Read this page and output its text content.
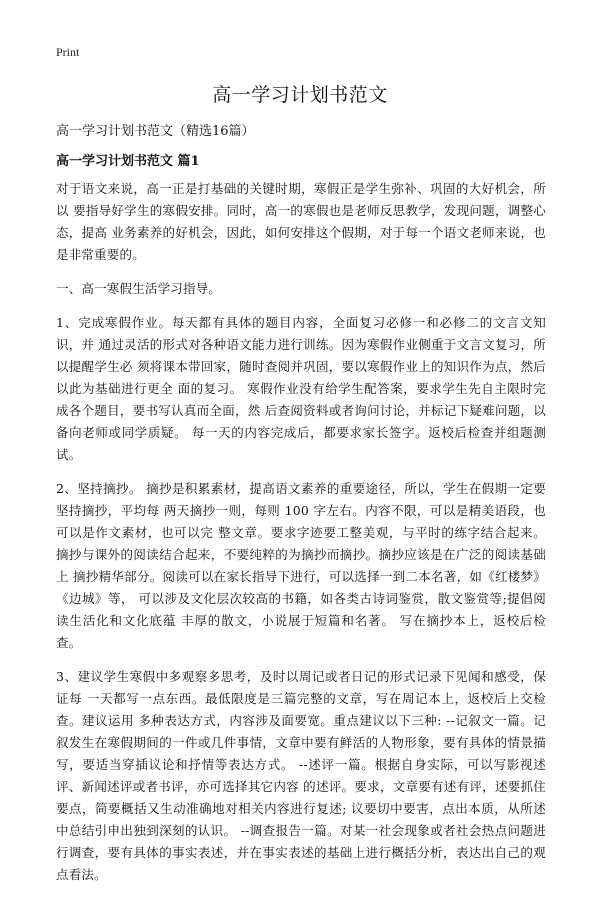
Print
高一学习计划书范文

高一学习计划书范文（精选16篇）

高一学习计划书范文 篇1

对于语文来说，高一正是打基础的关键时期，寒假正是学生弥补、巩固的大好机会，所以 要指导好学生的寒假安排。同时，高一的寒假也是老师反思教学，发现问题，调整心态，提高 业务素养的好机会，因此，如何安排这个假期，对于每一个语文老师来说，也是非常重要的。

一、高一寒假生活学习指导。

1、完成寒假作业。每天都有具体的题目内容，全面复习必修一和必修二的文言文知识，并 通过灵活的形式对各种语文能力进行训练。因为寒假作业侧重于文言文复习，所以提醒学生必 须将课本带回家，随时查阅并巩固，要以寒假作业上的知识作为点，然后以此为基础进行更全 面的复习。 寒假作业没有给学生配答案，要求学生先自主限时完成各个题目，要书写认真而全面，然 后查阅资料或者询问讨论，并标记下疑难问题，以备向老师或同学质疑。 每一天的内容完成后，都要求家长签字。返校后检查并组题测试。

2、坚持摘抄。 摘抄是积累素材，提高语文素养的重要途径，所以，学生在假期一定要坚持摘抄，平均每 两天摘抄一则，每则 100 字左右。内容不限，可以是精美语段，也可以是作文素材，也可以完 整文章。要求字迹要工整美观，与平时的练字结合起来。 摘抄与课外的阅读结合起来，不要纯粹的为摘抄而摘抄。摘抄应该是在广泛的阅读基础上 摘抄精华部分。阅读可以在家长指导下进行，可以选择一到二本名著，如《红楼梦》《边城》等， 可以涉及文化层次较高的书籍，如各类古诗词鉴赏，散文鉴赏等;提倡阅读生活化和文化底蕴 丰厚的散文，小说展于短篇和名著。 写在摘抄本上，返校后检查。

3、建议学生寒假中多观察多思考，及时以周记或者日记的形式记录下见闻和感受，保证每 一天都写一点东西。最低限度是三篇完整的文章，写在周记本上，返校后上交检查。建议运用 多种表达方式，内容涉及面要宽。重点建议以下三种: --记叙文一篇。记叙发生在寒假期间的一件或几件事情，文章中要有鲜活的人物形象，要有具体的情景描写，要适当穿插议论和抒情等表达方式。 --述评一篇。根据自身实际，可以写影视述评、新闻述评或者书评，亦可选择其它内容 的述评。要求，文章要有述有评，述要抓住要点，简要概括又生动准确地对相关内容进行复述; 议要切中要害，点出本质，从所述中总结引申出独到深刻的认识。 --调查报告一篇。对某一社会现象或者社会热点问题进行调查，要有具体的事实表述，并在事实表述的基础上进行概括分析，表达出自己的观点看法。
